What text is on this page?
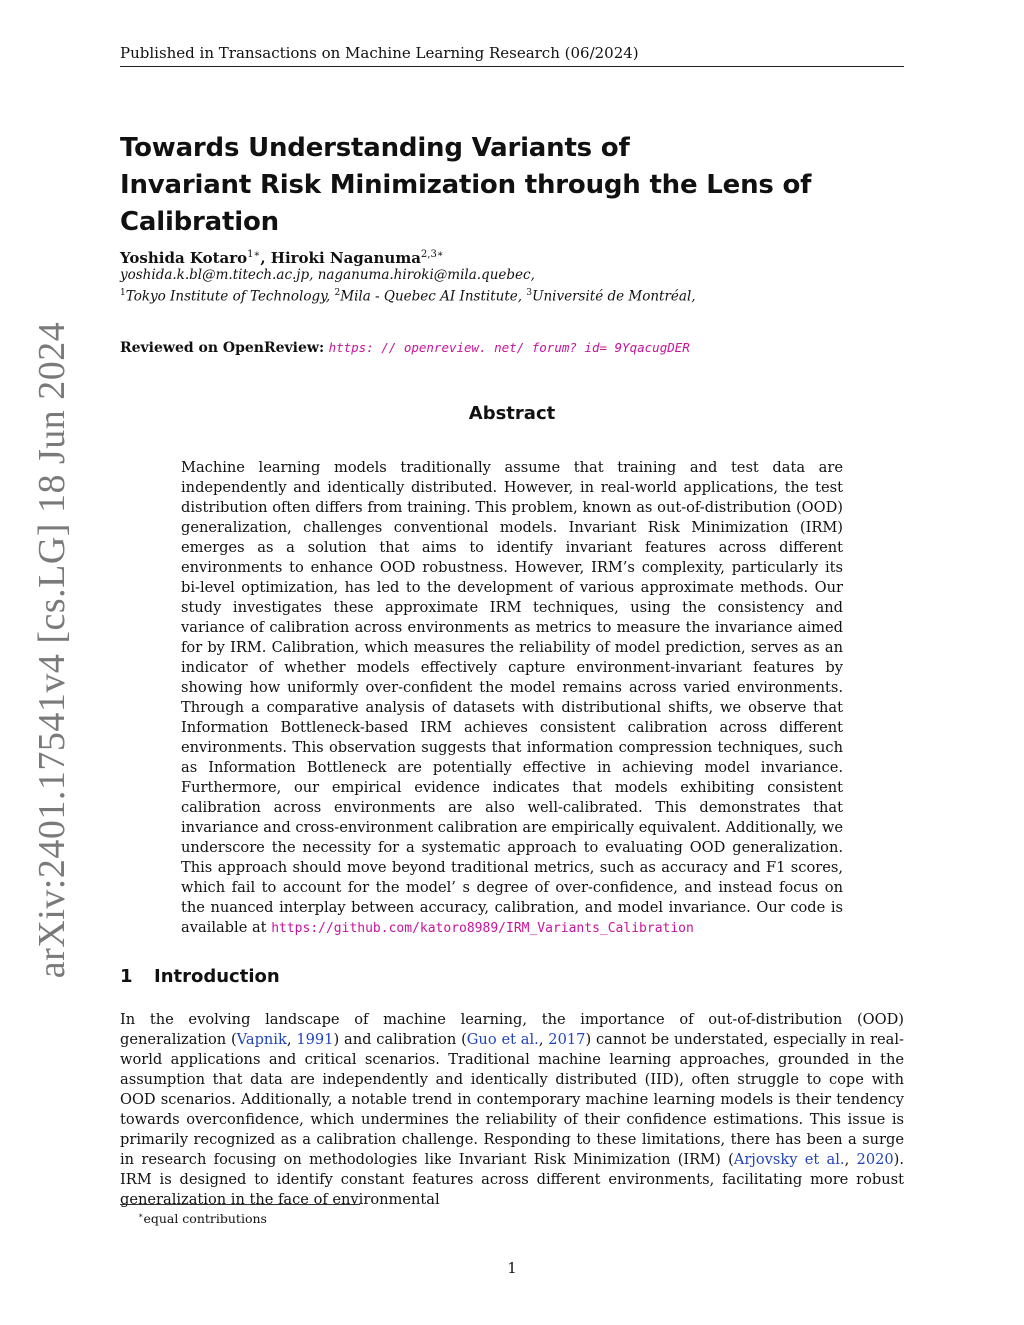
Published in Transactions on Machine Learning Research (06/2024)
arXiv:2401.17541v4 [cs.LG] 18 Jun 2024
Towards Understanding Variants of
Invariant Risk Minimization through the Lens of Calibration
Yoshida Kotaro$^{1∗}$, Hiroki Naganuma$^{2,3∗}$
yoshida.k.bl@m.titech.ac.jp, naganuma.hiroki@mila.quebec,
$^1$Tokyo Institute of Technology, $^2$Mila - Quebec AI Institute, $^3$Université de Montréal,
Reviewed on OpenReview: https: // openreview. net/ forum? id= 9YqacugDER
Abstract
Machine learning models traditionally assume that training and test data are independently and identically distributed. However, in real-world applications, the test distribution often differs from training. This problem, known as out-of-distribution (OOD) generalization, challenges conventional models. Invariant Risk Minimization (IRM) emerges as a solution that aims to identify invariant features across different environments to enhance OOD robustness. However, IRM’s complexity, particularly its bi-level optimization, has led to the development of various approximate methods. Our study investigates these approximate IRM techniques, using the consistency and variance of calibration across environments as metrics to measure the invariance aimed for by IRM. Calibration, which measures the reliability of model prediction, serves as an indicator of whether models effectively capture environment-invariant features by showing how uniformly over-confident the model remains across varied environments. Through a comparative analysis of datasets with distributional shifts, we observe that Information Bottleneck-based IRM achieves consistent calibration across different environments. This observation suggests that information compression techniques, such as Information Bottleneck are potentially effective in achieving model invariance. Furthermore, our empirical evidence indicates that models exhibiting consistent calibration across environments are also well-calibrated. This demonstrates that invariance and cross-environment calibration are empirically equivalent. Additionally, we underscore the necessity for a systematic approach to evaluating OOD generalization. This approach should move beyond traditional metrics, such as accuracy and F1 scores, which fail to account for the model’ s degree of over-confidence, and instead focus on the nuanced interplay between accuracy, calibration, and model invariance. Our code is available at https://github.com/katoro8989/IRM_Variants_Calibration
1 Introduction
In the evolving landscape of machine learning, the importance of out-of-distribution (OOD) generalization (Vapnik, 1991) and calibration (Guo et al., 2017) cannot be understated, especially in real-world applications and critical scenarios. Traditional machine learning approaches, grounded in the assumption that data are independently and identically distributed (IID), often struggle to cope with OOD scenarios. Additionally, a notable trend in contemporary machine learning models is their tendency towards overconfidence, which undermines the reliability of their confidence estimations. This issue is primarily recognized as a calibration challenge. Responding to these limitations, there has been a surge in research focusing on methodologies like Invariant Risk Minimization (IRM) (Arjovsky et al., 2020). IRM is designed to identify constant features across different environments, facilitating more robust generalization in the face of environmental
∗equal contributions
1
